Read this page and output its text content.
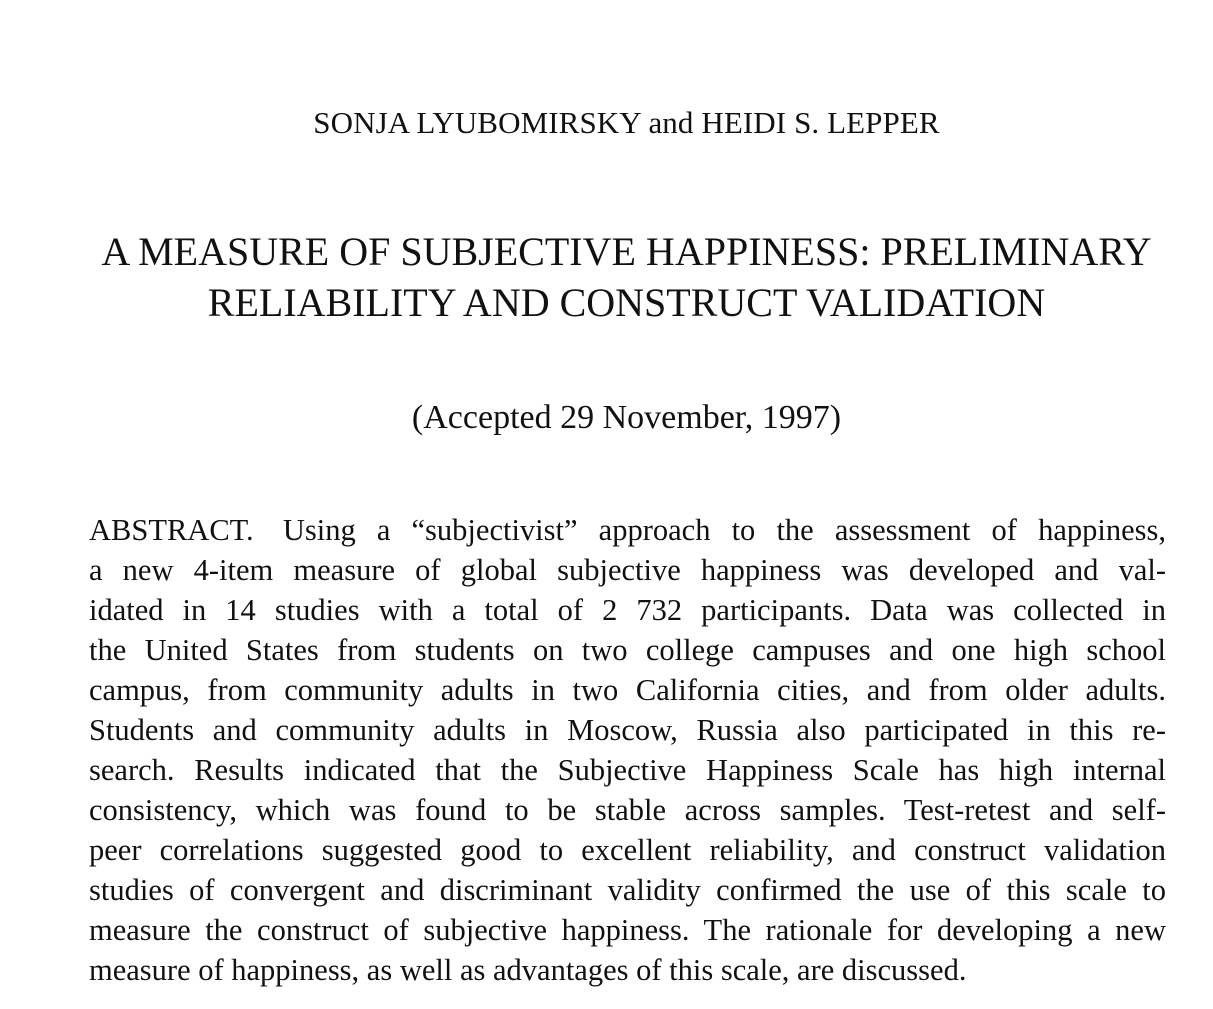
SONJA LYUBOMIRSKY and HEIDI S. LEPPER
A MEASURE OF SUBJECTIVE HAPPINESS: PRELIMINARY
RELIABILITY AND CONSTRUCT VALIDATION
(Accepted 29 November, 1997)
ABSTRACT. Using a “subjectivist” approach to the assessment of happiness,
a new 4-item measure of global subjective happiness was developed and val-
idated in 14 studies with a total of 2 732 participants. Data was collected in
the United States from students on two college campuses and one high school
campus, from community adults in two California cities, and from older adults.
Students and community adults in Moscow, Russia also participated in this re-
search. Results indicated that the Subjective Happiness Scale has high internal
consistency, which was found to be stable across samples. Test-retest and self-
peer correlations suggested good to excellent reliability, and construct validation
studies of convergent and discriminant validity confirmed the use of this scale to
measure the construct of subjective happiness. The rationale for developing a new
measure of happiness, as well as advantages of this scale, are discussed.
